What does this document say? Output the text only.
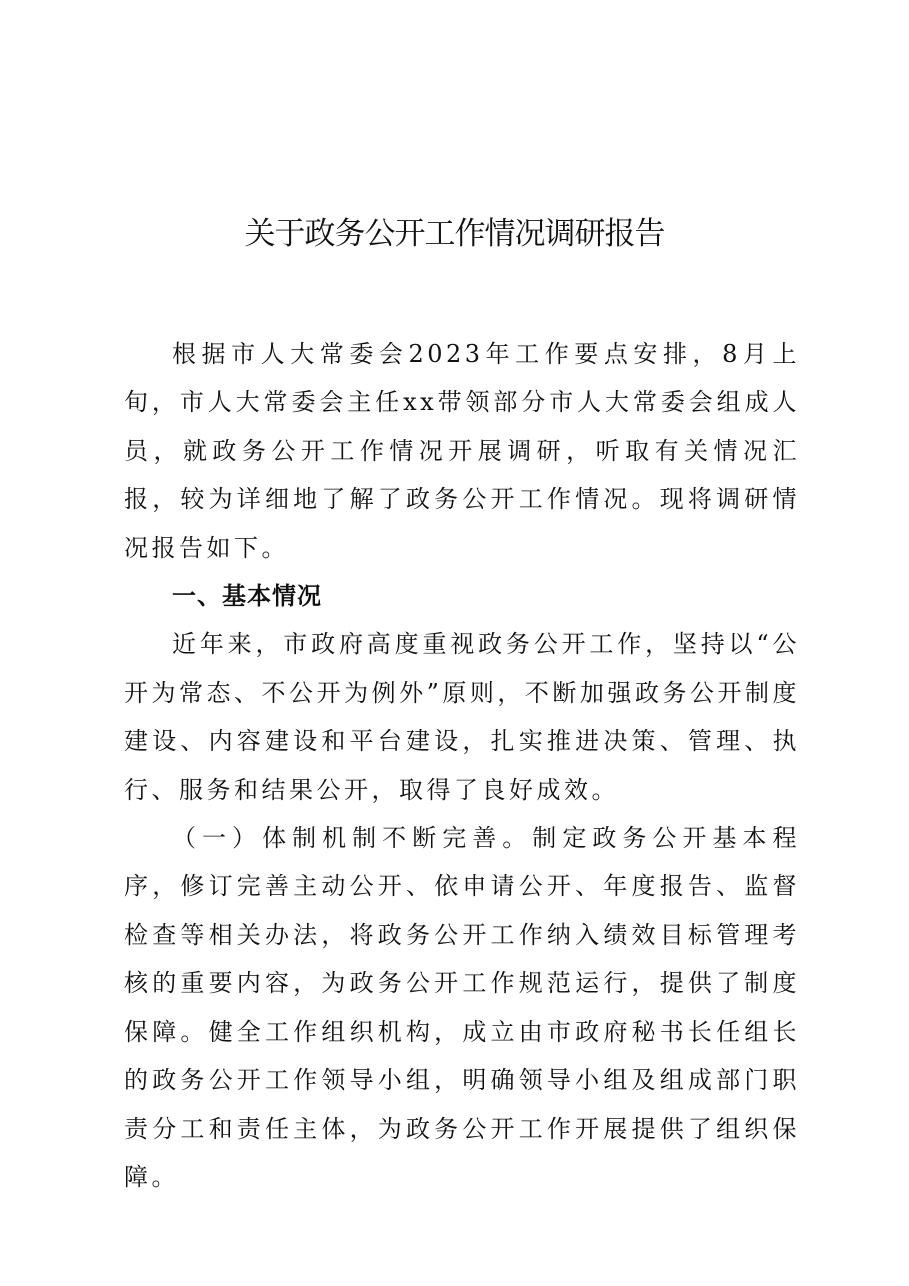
关于政务公开工作情况调研报告

根据市人大常委会2023年工作要点安排，8月上旬，市人大常委会主任xx带领部分市人大常委会组成人员，就政务公开工作情况开展调研，听取有关情况汇报，较为详细地了解了政务公开工作情况。现将调研情况报告如下。

一、基本情况

近年来，市政府高度重视政务公开工作，坚持以“公开为常态、不公开为例外”原则，不断加强政务公开制度建设、内容建设和平台建设，扎实推进决策、管理、执行、服务和结果公开，取得了良好成效。

（一）体制机制不断完善。制定政务公开基本程序，修订完善主动公开、依申请公开、年度报告、监督检查等相关办法，将政务公开工作纳入绩效目标管理考核的重要内容，为政务公开工作规范运行，提供了制度保障。健全工作组织机构，成立由市政府秘书长任组长的政务公开工作领导小组，明确领导小组及组成部门职责分工和责任主体，为政务公开工作开展提供了组织保障。
